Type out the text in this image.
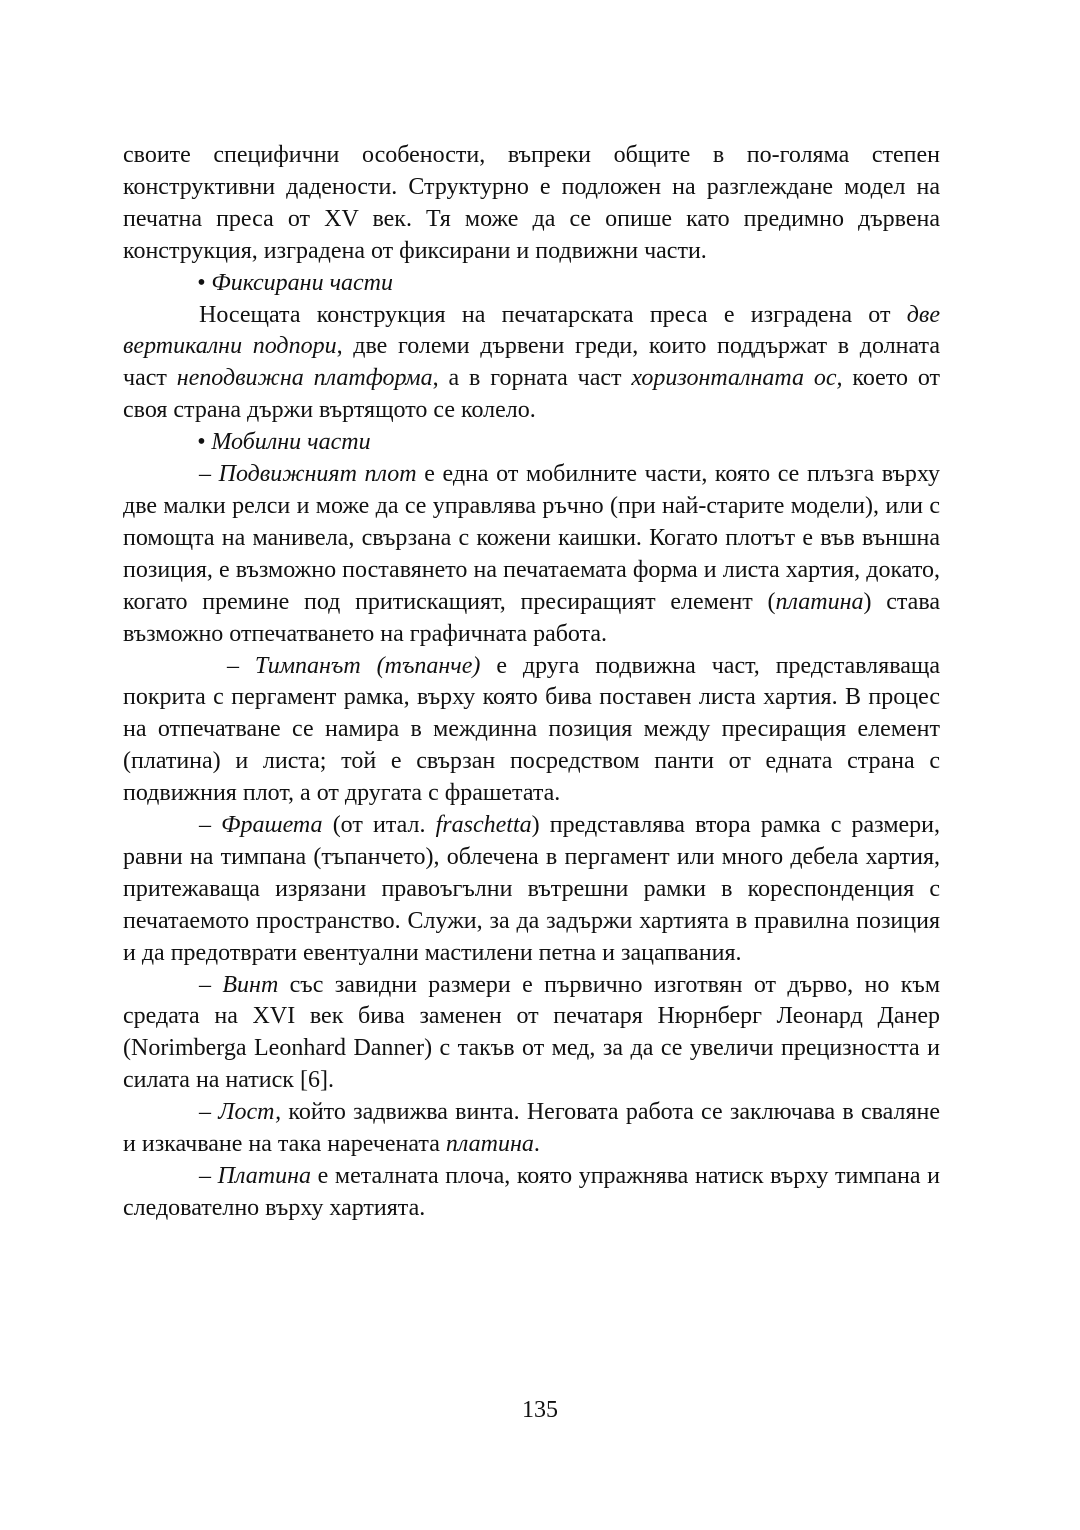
своите специфични особености, въпреки общите в по-голяма степен конструктивни дадености. Структурно е подложен на разглеждане модел на печатна преса от XV век. Тя може да се опише като предимно дървена конструкция, изградена от фиксирани и подвижни части.

• Фиксирани части

Носещата конструкция на печатарската преса е изградена от две вертикални подпори, две големи дървени греди, които поддържат в долната част неподвижна платформа, а в горната част хоризонталната ос, което от своя страна държи въртящото се колело.

• Мобилни части

– Подвижният плот е една от мобилните части, която се плъзга върху две малки релси и може да се управлява ръчно (при най-старите модели), или с помощта на манивела, свързана с кожени каишки. Когато плотът е във външна позиция, е възможно поставянето на печатаемата форма и листа хартия, докато, когато премине под притискащият, пресиращият елемент (платина) става възможно отпечатването на графичната работа.

– Тимпанът (тъпанче) е друга подвижна част, представляваща покрита с пергамент рамка, върху която бива поставен листа хартия. В процес на отпечатване се намира в междинна позиция между пресиращия елемент (платина) и листа; той е свързан посредством панти от едната страна с подвижния плот, а от другата с фрашетата.

– Фрашета (от итал. fraschetta) представлява втора рамка с размери, равни на тимпана (тъпанчето), облечена в пергамент или много дебела хартия, притежаваща изрязани правоъгълни вътрешни рамки в кореспонденция с печатаемото пространство. Служи, за да задържи хартията в правилна позиция и да предотврати евентуални мастилени петна и зацапвания.

– Винт със завидни размери е първично изготвян от дърво, но към средата на XVI век бива заменен от печатаря Нюрнберг Леонард Данер (Norimberga Leonhard Danner) с такъв от мед, за да се увеличи прецизността и силата на натиск [6].

– Лост, който задвижва винта. Неговата работа се заключава в сваляне и изкачване на така наречената платина.

– Платина е металната плоча, която упражнява натиск върху тимпана и следователно върху хартията.

135
